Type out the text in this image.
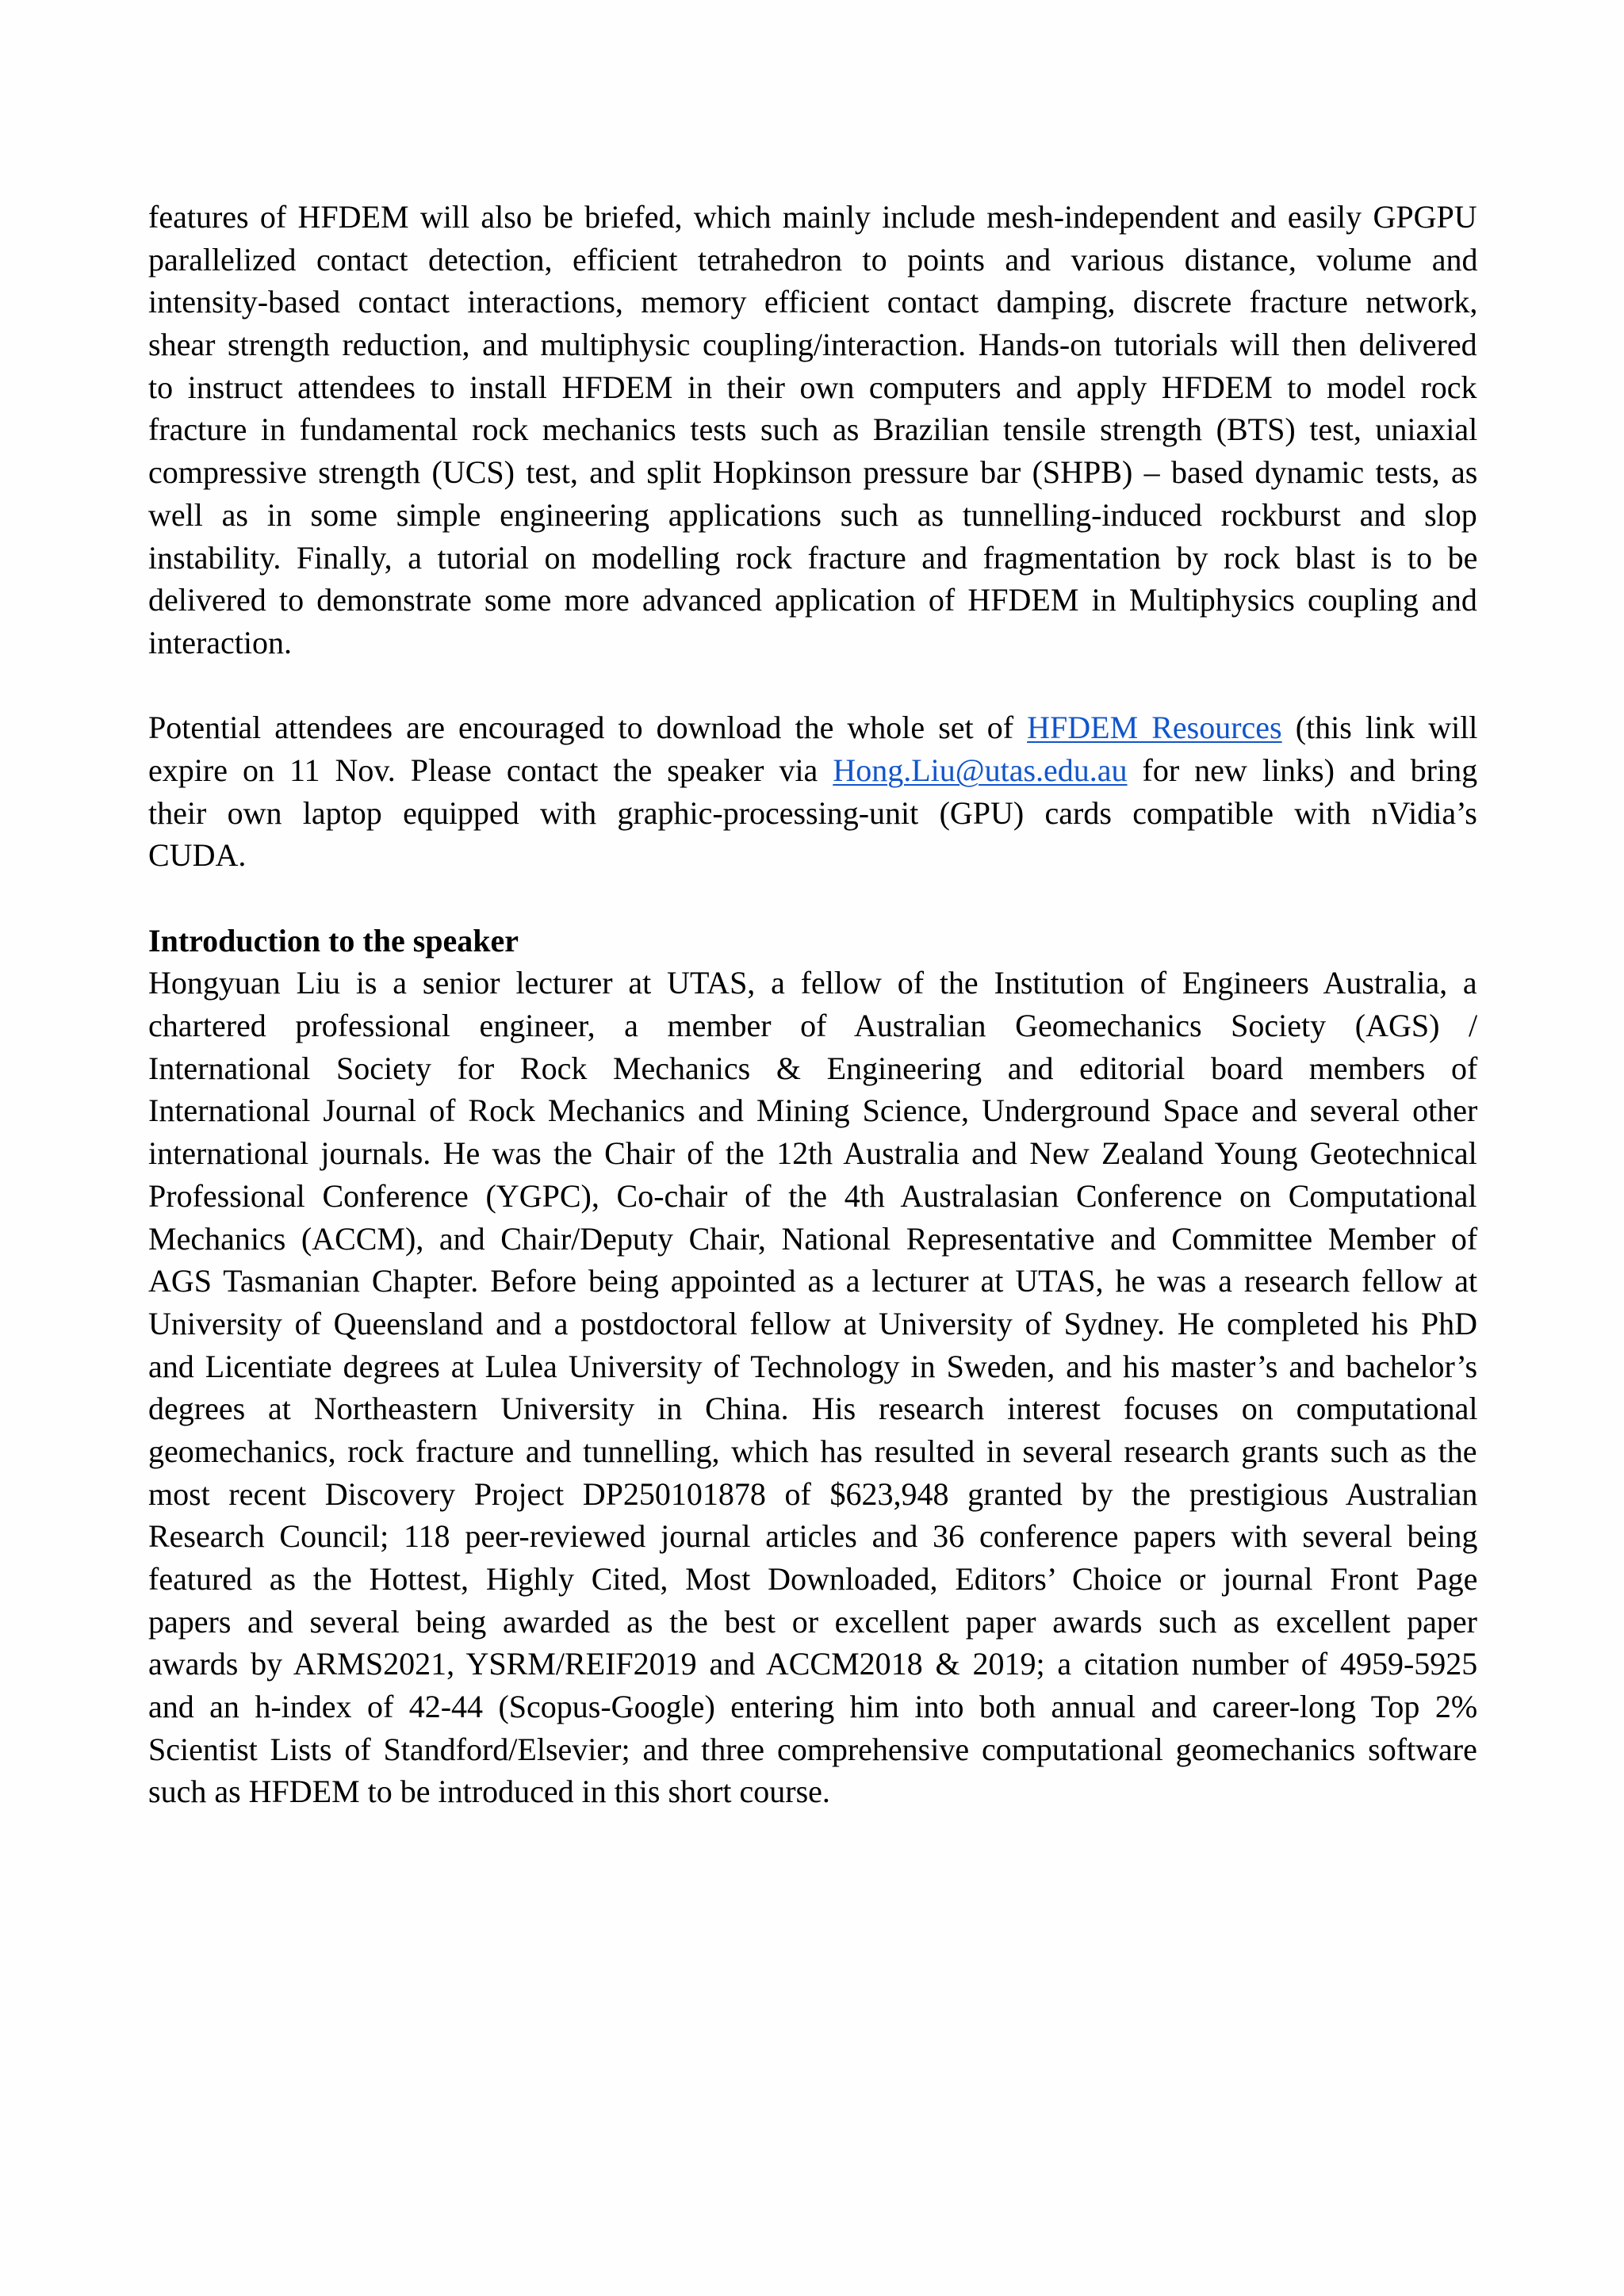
features of HFDEM will also be briefed, which mainly include mesh-independent and easily GPGPU
parallelized contact detection, efficient tetrahedron to points and various distance, volume and
intensity-based contact interactions, memory efficient contact damping, discrete fracture network,
shear strength reduction, and multiphysic coupling/interaction. Hands-on tutorials will then delivered
to instruct attendees to install HFDEM in their own computers and apply HFDEM to model rock
fracture in fundamental rock mechanics tests such as Brazilian tensile strength (BTS) test, uniaxial
compressive strength (UCS) test, and split Hopkinson pressure bar (SHPB) – based dynamic tests, as
well as in some simple engineering applications such as tunnelling-induced rockburst and slop
instability. Finally, a tutorial on modelling rock fracture and fragmentation by rock blast is to be
delivered to demonstrate some more advanced application of HFDEM in Multiphysics coupling and
interaction.
Potential attendees are encouraged to download the whole set of HFDEM Resources (this link will
expire on 11 Nov. Please contact the speaker via Hong.Liu@utas.edu.au for new links) and bring
their own laptop equipped with graphic-processing-unit (GPU) cards compatible with nVidia’s
CUDA.
Introduction to the speaker
Hongyuan Liu is a senior lecturer at UTAS, a fellow of the Institution of Engineers Australia, a
chartered professional engineer, a member of Australian Geomechanics Society (AGS) /
International Society for Rock Mechanics & Engineering and editorial board members of
International Journal of Rock Mechanics and Mining Science, Underground Space and several other
international journals. He was the Chair of the 12th Australia and New Zealand Young Geotechnical
Professional Conference (YGPC), Co-chair of the 4th Australasian Conference on Computational
Mechanics (ACCM), and Chair/Deputy Chair, National Representative and Committee Member of
AGS Tasmanian Chapter. Before being appointed as a lecturer at UTAS, he was a research fellow at
University of Queensland and a postdoctoral fellow at University of Sydney. He completed his PhD
and Licentiate degrees at Lulea University of Technology in Sweden, and his master’s and bachelor’s
degrees at Northeastern University in China. His research interest focuses on computational
geomechanics, rock fracture and tunnelling, which has resulted in several research grants such as the
most recent Discovery Project DP250101878 of $623,948 granted by the prestigious Australian
Research Council; 118 peer-reviewed journal articles and 36 conference papers with several being
featured as the Hottest, Highly Cited, Most Downloaded, Editors’ Choice or journal Front Page
papers and several being awarded as the best or excellent paper awards such as excellent paper
awards by ARMS2021, YSRM/REIF2019 and ACCM2018 & 2019; a citation number of 4959-5925
and an h-index of 42-44 (Scopus-Google) entering him into both annual and career-long Top 2%
Scientist Lists of Standford/Elsevier; and three comprehensive computational geomechanics software
such as HFDEM to be introduced in this short course.
